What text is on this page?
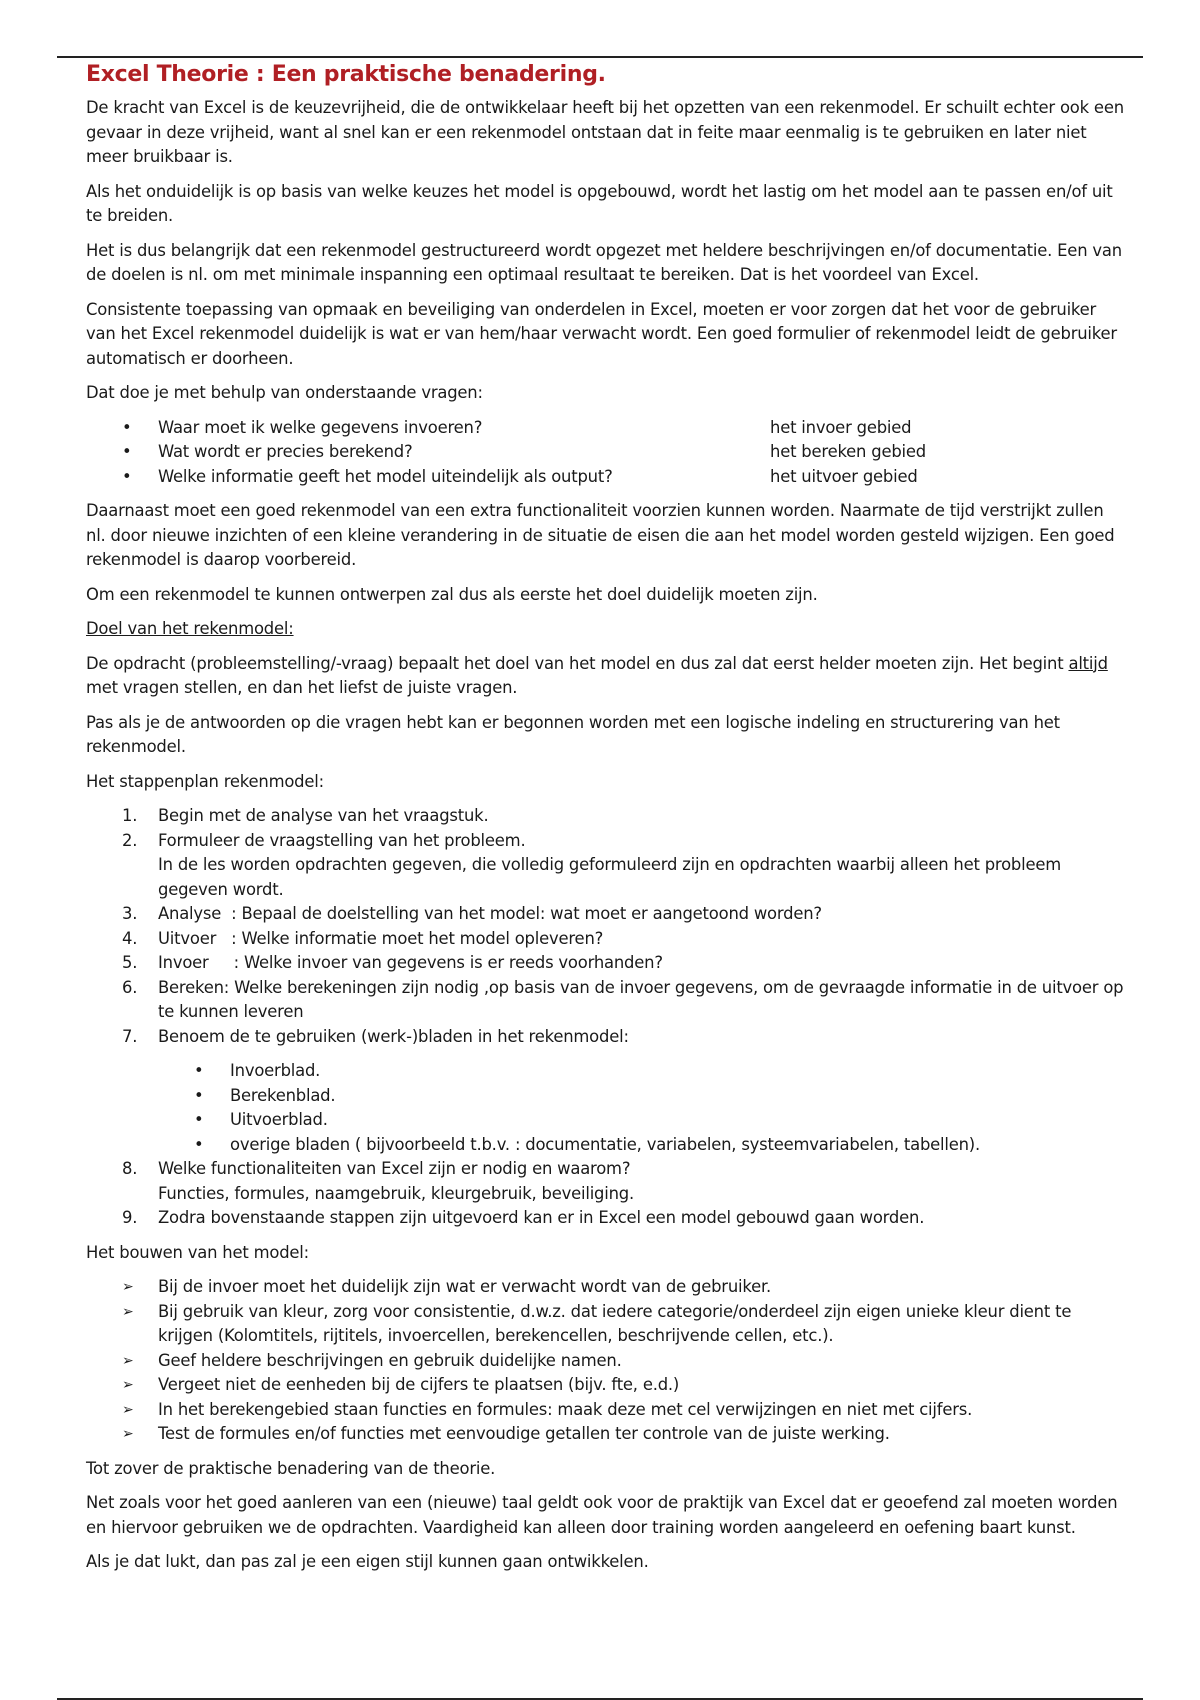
Excel Theorie : Een praktische benadering.

De kracht van Excel is de keuzevrijheid, die de ontwikkelaar heeft bij het opzetten van een rekenmodel. Er schuilt echter ook een gevaar in deze vrijheid, want al snel kan er een rekenmodel ontstaan dat in feite maar eenmalig is te gebruiken en later niet meer bruikbaar is.

Als het onduidelijk is op basis van welke keuzes het model is opgebouwd, wordt het lastig om het model aan te passen en/of uit te breiden.

Het is dus belangrijk dat een rekenmodel gestructureerd wordt opgezet met heldere beschrijvingen en/of documentatie. Een van de doelen is nl. om met minimale inspanning een optimaal resultaat te bereiken. Dat is het voordeel van Excel.

Consistente toepassing van opmaak en beveiliging van onderdelen in Excel, moeten er voor zorgen dat het voor de gebruiker van het Excel rekenmodel duidelijk is wat er van hem/haar verwacht wordt. Een goed formulier of rekenmodel leidt de gebruiker automatisch er doorheen.

Dat doe je met behulp van onderstaande vragen:

• Waar moet ik welke gegevens invoeren?	het invoer gebied
• Wat wordt er precies berekend?	het bereken gebied
• Welke informatie geeft het model uiteindelijk als output?	het uitvoer gebied

Daarnaast moet een goed rekenmodel van een extra functionaliteit voorzien kunnen worden. Naarmate de tijd verstrijkt zullen nl. door nieuwe inzichten of een kleine verandering in de situatie de eisen die aan het model worden gesteld wijzigen. Een goed rekenmodel is daarop voorbereid.

Om een rekenmodel te kunnen ontwerpen zal dus als eerste het doel duidelijk moeten zijn.

Doel van het rekenmodel:

De opdracht (probleemstelling/-vraag) bepaalt het doel van het model en dus zal dat eerst helder moeten zijn. Het begint altijd met vragen stellen, en dan het liefst de juiste vragen.

Pas als je de antwoorden op die vragen hebt kan er begonnen worden met een logische indeling en structurering van het rekenmodel.

Het stappenplan rekenmodel:

1. Begin met de analyse van het vraagstuk.
2. Formuleer de vraagstelling van het probleem.
In de les worden opdrachten gegeven, die volledig geformuleerd zijn en opdrachten waarbij alleen het probleem gegeven wordt.
3. Analyse  : Bepaal de doelstelling van het model: wat moet er aangetoond worden?
4. Uitvoer   : Welke informatie moet het model opleveren?
5. Invoer     : Welke invoer van gegevens is er reeds voorhanden?
6. Bereken: Welke berekeningen zijn nodig ,op basis van de invoer gegevens, om de gevraagde informatie in de uitvoer op te kunnen leveren
7. Benoem de te gebruiken (werk-)bladen in het rekenmodel:
• Invoerblad.
• Berekenblad.
• Uitvoerblad.
• overige bladen ( bijvoorbeeld t.b.v. : documentatie, variabelen, systeemvariabelen, tabellen).
8. Welke functionaliteiten van Excel zijn er nodig en waarom?
Functies, formules, naamgebruik, kleurgebruik, beveiliging.
9. Zodra bovenstaande stappen zijn uitgevoerd kan er in Excel een model gebouwd gaan worden.

Het bouwen van het model:

➢ Bij de invoer moet het duidelijk zijn wat er verwacht wordt van de gebruiker.
➢ Bij gebruik van kleur, zorg voor consistentie, d.w.z. dat iedere categorie/onderdeel zijn eigen unieke kleur dient te krijgen (Kolomtitels, rijtitels, invoercellen, berekencellen, beschrijvende cellen, etc.).
➢ Geef heldere beschrijvingen en gebruik duidelijke namen.
➢ Vergeet niet de eenheden bij de cijfers te plaatsen (bijv. fte, e.d.)
➢ In het berekengebied staan functies en formules: maak deze met cel verwijzingen en niet met cijfers.
➢ Test de formules en/of functies met eenvoudige getallen ter controle van de juiste werking.

Tot zover de praktische benadering van de theorie.

Net zoals voor het goed aanleren van een (nieuwe) taal geldt ook voor de praktijk van Excel dat er geoefend zal moeten worden en hiervoor gebruiken we de opdrachten. Vaardigheid kan alleen door training worden aangeleerd en oefening baart kunst.

Als je dat lukt, dan pas zal je een eigen stijl kunnen gaan ontwikkelen.
